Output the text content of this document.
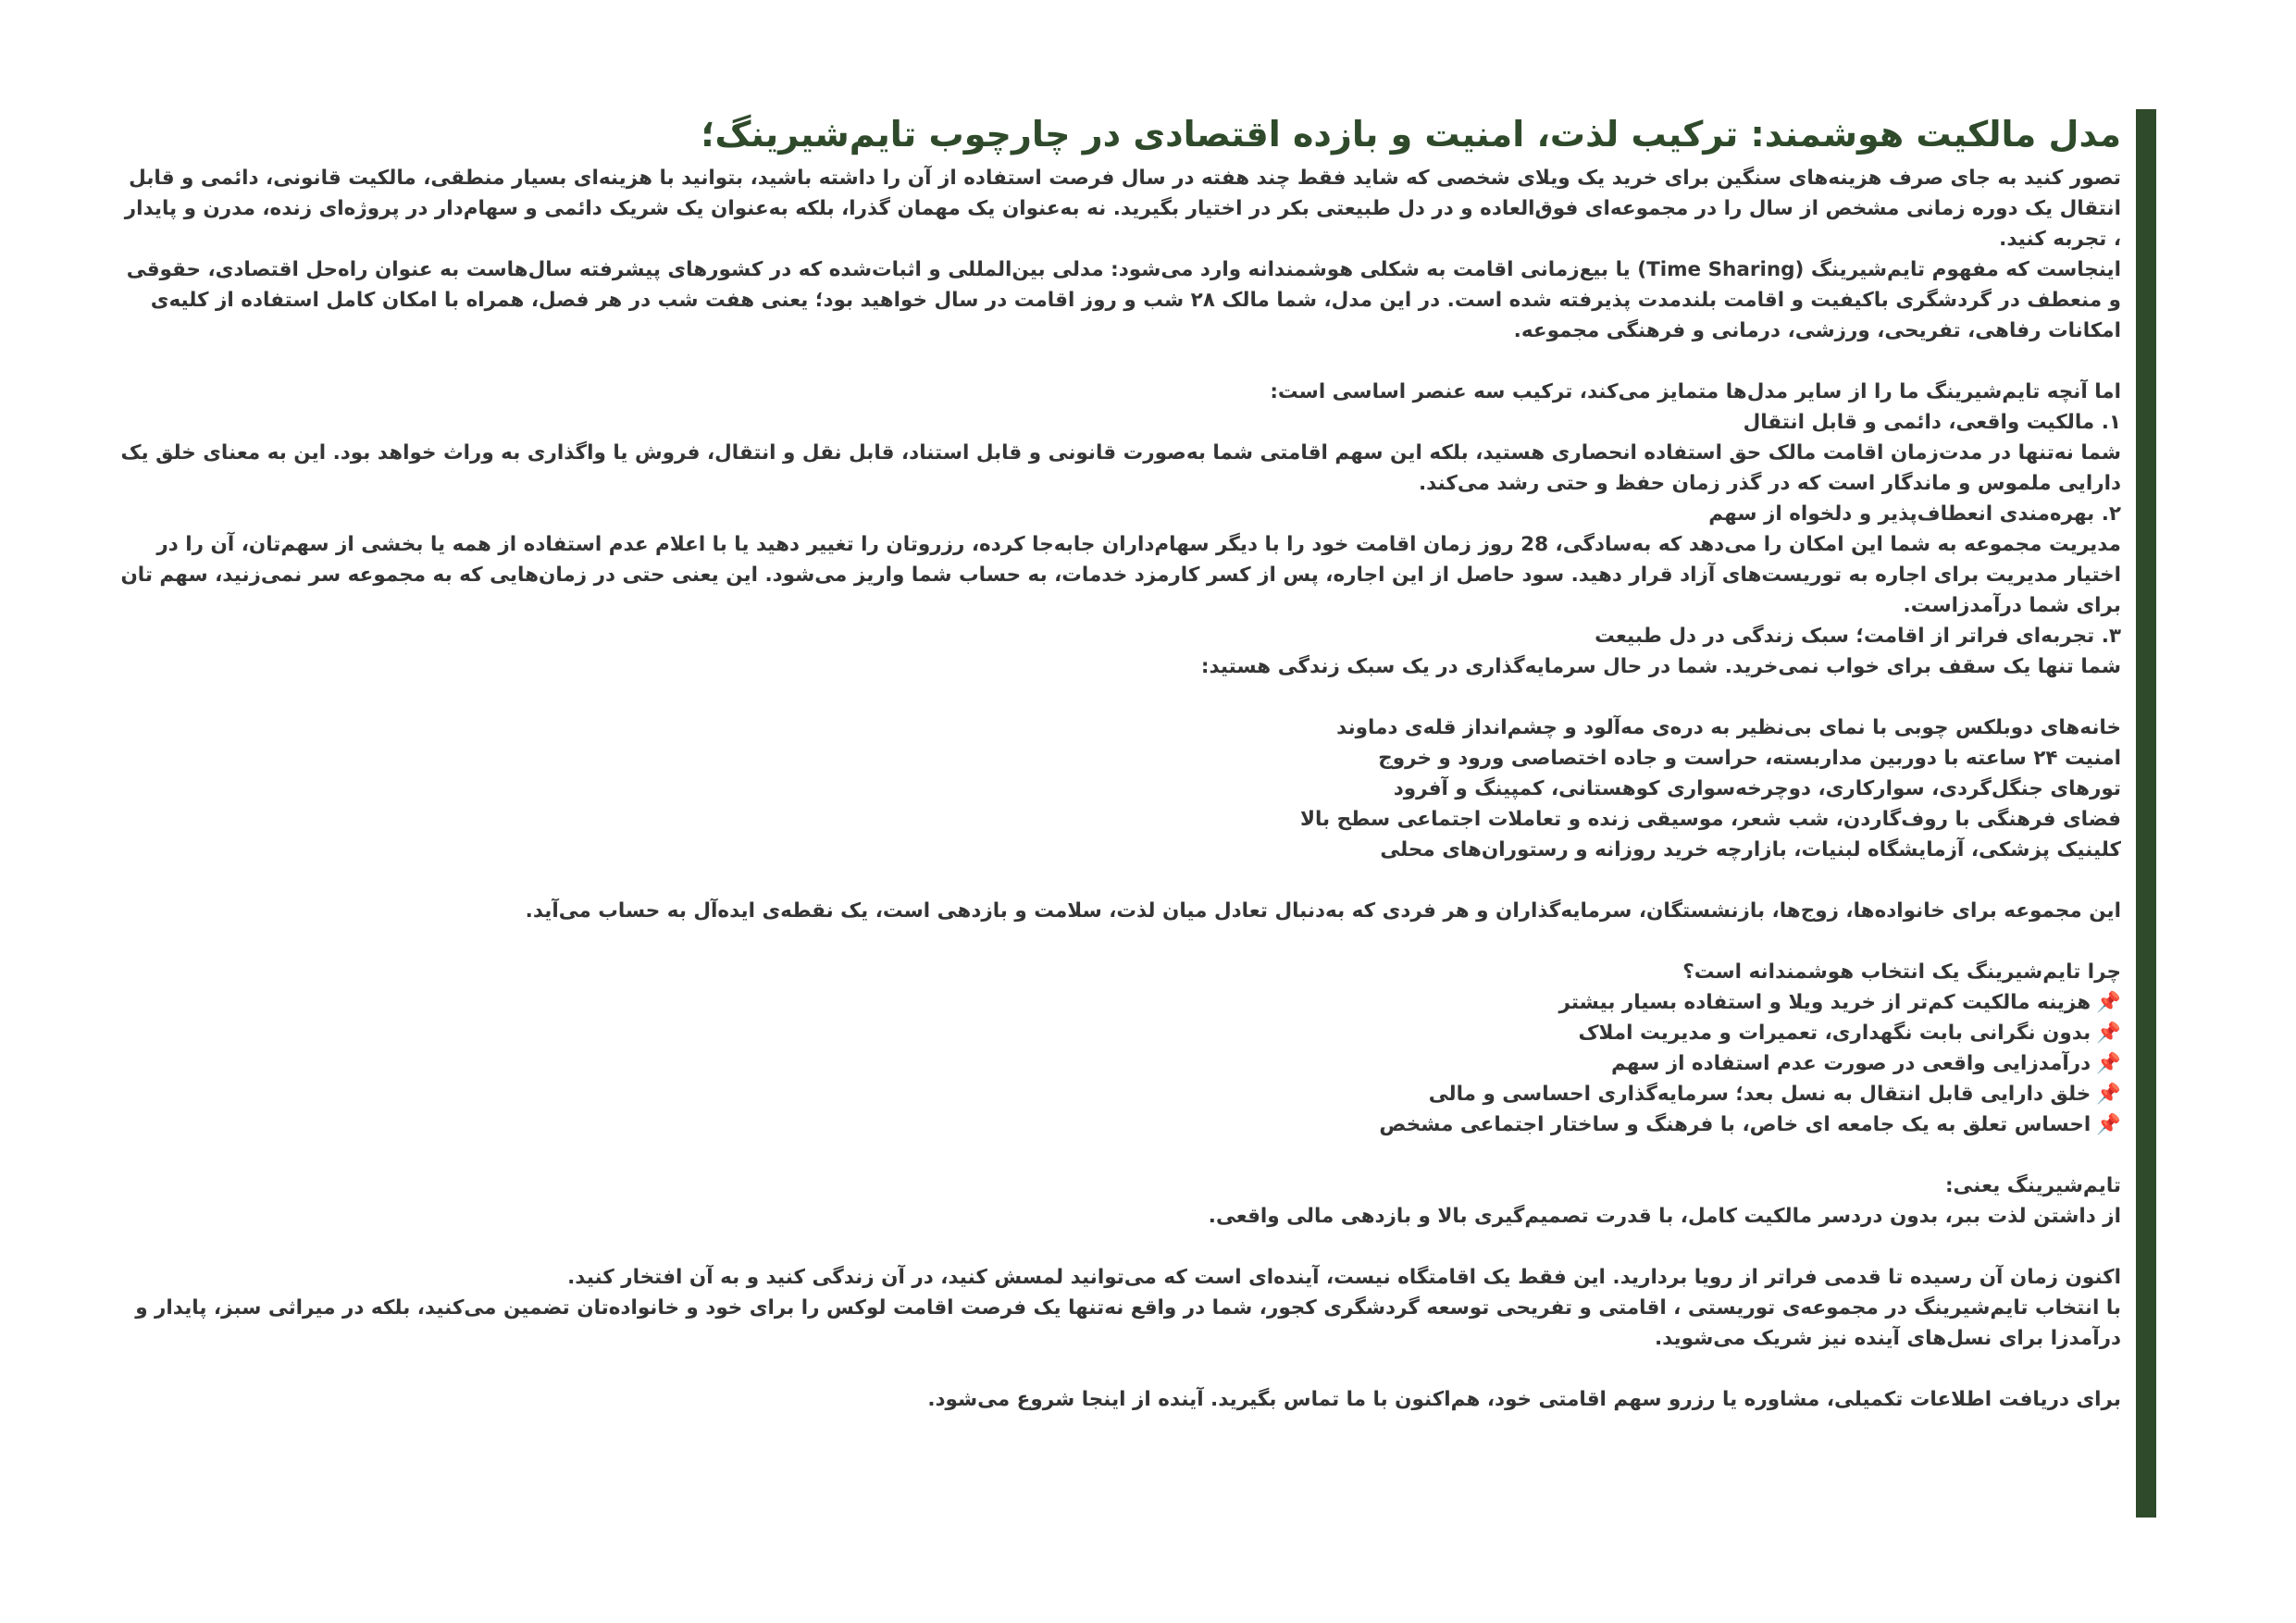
مدل مالکیت هوشمند: ترکیب لذت، امنیت و بازده اقتصادی در چارچوب تایم‌شیرینگ؛

تصور کنید به جای صرف هزینه‌های سنگین برای خرید یک ویلای شخصی که شاید فقط چند هفته در سال فرصت استفاده از آن را داشته باشید، بتوانید با هزینه‌ای بسیار منطقی، مالکیت قانونی، دائمی و قابل انتقال یک دوره زمانی مشخص از سال را در مجموعه‌ای فوق‌العاده و در دل طبیعتی بکر در اختیار بگیرید. نه به‌عنوان یک مهمان گذرا، بلکه به‌عنوان یک شریک دائمی و سهام‌دار در پروژه‌ای زنده، مدرن و پایدار ، تجربه کنید.

اینجاست که مفهوم تایم‌شیرینگ (Time Sharing) یا بیع‌زمانی اقامت به شکلی هوشمندانه وارد می‌شود: مدلی بین‌المللی و اثبات‌شده که در کشورهای پیشرفته سال‌هاست به عنوان راه‌حل اقتصادی، حقوقی و منعطف در گردشگری باکیفیت و اقامت بلندمدت پذیرفته شده است. در این مدل، شما مالک ۲۸ شب و روز اقامت در سال خواهید بود؛ یعنی هفت شب در هر فصل، همراه با امکان کامل استفاده از کلیه‌ی امکانات رفاهی، تفریحی، ورزشی، درمانی و فرهنگی مجموعه.

اما آنچه تایم‌شیرینگ ما را از سایر مدل‌ها متمایز می‌کند، ترکیب سه عنصر اساسی است:

۱. مالکیت واقعی، دائمی و قابل انتقال

شما نه‌تنها در مدت‌زمان اقامت مالک حق استفاده انحصاری هستید، بلکه این سهم اقامتی شما به‌صورت قانونی و قابل استناد، قابل نقل و انتقال، فروش یا واگذاری به وراث خواهد بود. این به معنای خلق یک دارایی ملموس و ماندگار است که در گذر زمان حفظ و حتی رشد می‌کند.

۲. بهره‌مندی انعطاف‌پذیر و دلخواه از سهم

مدیریت مجموعه به شما این امکان را می‌دهد که به‌سادگی، 28 روز زمان اقامت خود را با دیگر سهام‌داران جابه‌جا کرده، رزروتان را تغییر دهید یا با اعلام عدم استفاده از همه یا بخشی از سهم‌تان، آن را در اختیار مدیریت برای اجاره به توریست‌های آزاد قرار دهید. سود حاصل از این اجاره، پس از کسر کارمزد خدمات، به حساب شما واریز می‌شود. این یعنی حتی در زمان‌هایی که به مجموعه سر نمی‌زنید، سهم تان برای شما درآمدزاست.

۳. تجربه‌ای فراتر از اقامت؛ سبک زندگی در دل طبیعت

شما تنها یک سقف برای خواب نمی‌خرید. شما در حال سرمایه‌گذاری در یک سبک زندگی هستید:

خانه‌های دوبلکس چوبی با نمای بی‌نظیر به دره‌ی مه‌آلود و چشم‌انداز قله‌ی دماوند

امنیت ۲۴ ساعته با دوربین مداربسته، حراست و جاده اختصاصی ورود و خروج

تورهای جنگل‌گردی، سوارکاری، دوچرخه‌سواری کوهستانی، کمپینگ و آفرود

فضای فرهنگی با روف‌گاردن، شب شعر، موسیقی زنده و تعاملات اجتماعی سطح بالا

کلینیک پزشکی، آزمایشگاه لبنیات، بازارچه خرید روزانه و رستوران‌های محلی

این مجموعه برای خانواده‌ها، زوج‌ها، بازنشستگان، سرمایه‌گذاران و هر فردی که به‌دنبال تعادل میان لذت، سلامت و بازدهی است، یک نقطه‌ی ایده‌آل به حساب می‌آید.

چرا تایم‌شیرینگ یک انتخاب هوشمندانه است؟

📌هزینه مالکیت کم‌تر از خرید ویلا و استفاده بسیار بیشتر

📌بدون نگرانی بابت نگهداری، تعمیرات و مدیریت املاک

📌درآمدزایی واقعی در صورت عدم استفاده از سهم

📌خلق دارایی قابل انتقال به نسل بعد؛ سرمایه‌گذاری احساسی و مالی

📌احساس تعلق به یک جامعه ای خاص، با فرهنگ و ساختار اجتماعی مشخص

تایم‌شیرینگ یعنی:

از داشتن لذت ببر، بدون دردسر مالکیت کامل، با قدرت تصمیم‌گیری بالا و بازدهی مالی واقعی.

اکنون زمان آن رسیده تا قدمی فراتر از رویا بردارید. این فقط یک اقامتگاه نیست، آینده‌ای است که می‌توانید لمسش کنید، در آن زندگی کنید و به آن افتخار کنید.

با انتخاب تایم‌شیرینگ در مجموعه‌ی توریستی ، اقامتی و تفریحی توسعه گردشگری کجور، شما در واقع نه‌تنها یک فرصت اقامت لوکس را برای خود و خانواده‌تان تضمین می‌کنید، بلکه در میراثی سبز، پایدار و درآمدزا برای نسل‌های آینده نیز شریک می‌شوید.

برای دریافت اطلاعات تکمیلی، مشاوره یا رزرو سهم اقامتی خود، هم‌اکنون با ما تماس بگیرید. آینده از اینجا شروع می‌شود.
